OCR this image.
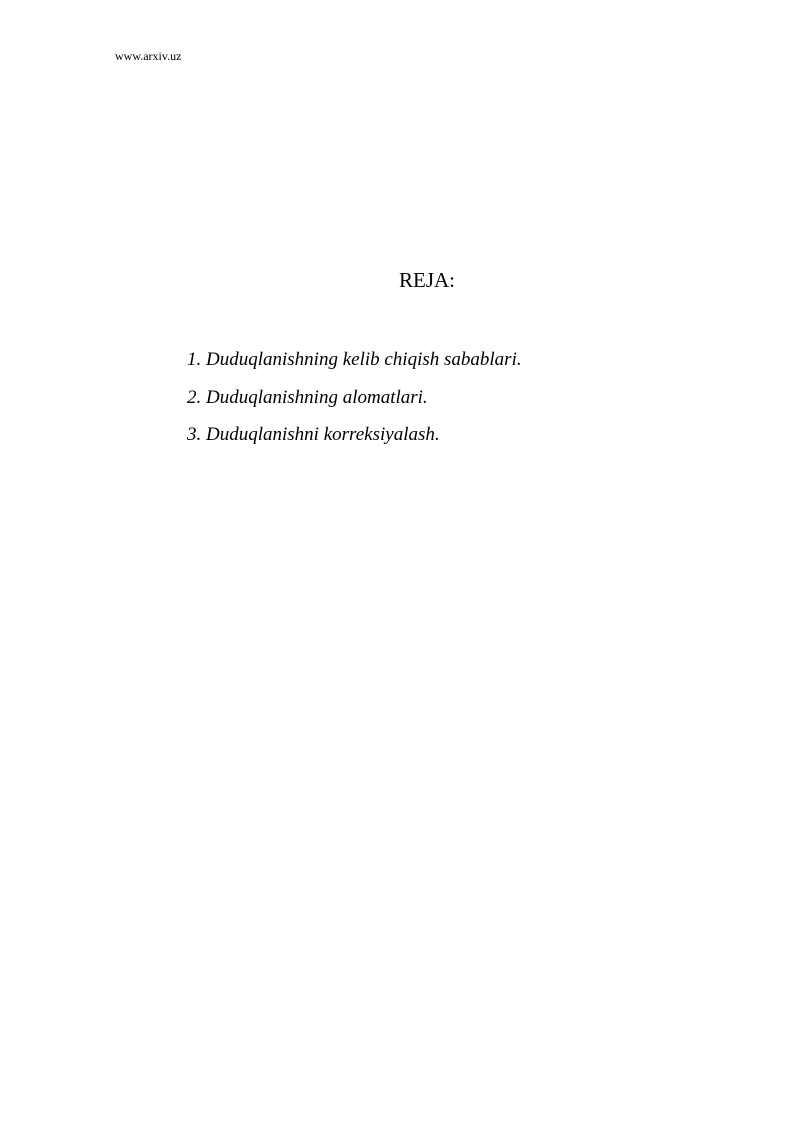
www.arxiv.uz
REJA:
1. Duduqlanishning kelib chiqish sabablari.
2. Duduqlanishning alomatlari.
3. Duduqlanishni korreksiyalash.
